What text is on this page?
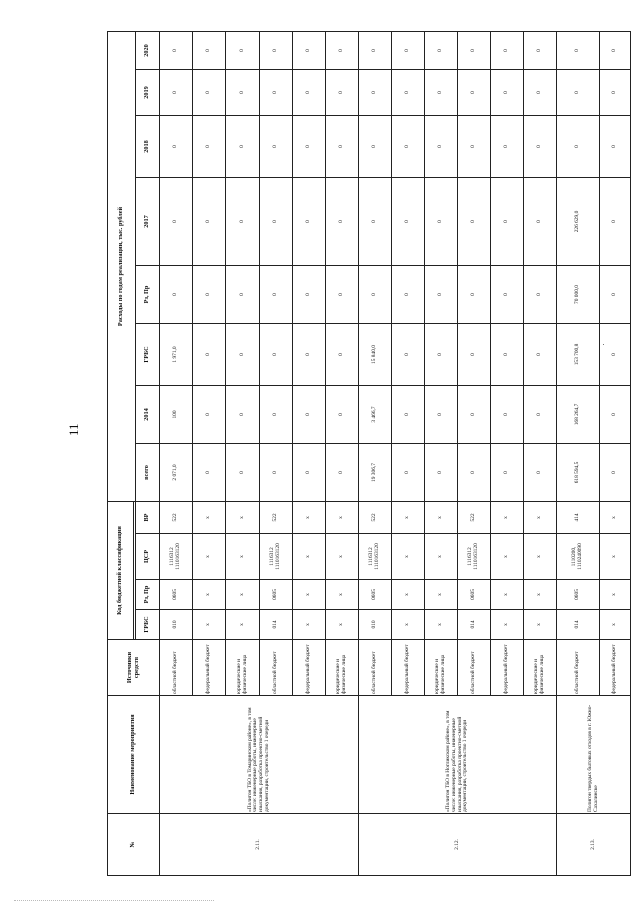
11
№	Наименование мероприятия	Источники средств	Код бюджетной классификации				Расходы по годам реализации, тыс. рублей							

			ГРБС	Рз, Пр	ЦСР	ВР	всего	2014	ГРБС	Рз, Пр	2017	2018	2019	2020
2.11.	«Полигон ТБО в Томаринском районе», в том числе: инженерные работы, инженерные изыскания, разработка проектно-сметной документации, строительство 1 очереди	областной бюджет	010	0605	1116312 1110163120	522	2 071,0	100	1 971,0	0	0	0	0	0
		федеральный бюджет	x	x	x	x	0	0	0	0	0	0	0	0
		юридические и физические лица	x	x	x	x	0	0	0	0	0	0	0	0
		областной бюджет	014	0605	1116312 1110163120	522	0	0	0	0	0	0	0	0
		федеральный бюджет	x	x	x	x	0	0	0	0	0	0	0	0
		юридические и физические лица	x	x	x	x	0	0	0	0	0	0	0	0
2.12.	«Полигон ТБО в Ногликском районе», в том числе: инженерные работы, инженерные изыскания, разработка проектно-сметной документации, строительство 1 очереди	областной бюджет	010	0605	1116312 1110163120	522	19 306,7	3 466,7	15 840,0	0	0	0	0	0
		федеральный бюджет	x	x	x	x	0	0	0	0	0	0	0	0
		юридические и физические лица	x	x	x	x	0	0	0	0	0	0	0	0
		областной бюджет	014	0605	1116312 1110163120	522	0	0	0	0	0	0	0	0
		федеральный бюджет	x	x	x	x	0	0	0	0	0	0	0	0
		юридические и физические лица	x	x	x	x	0	0	0	0	0	0	0	0
2.13.	Полигон твердых бытовых отходов в г. Южно-Сахалинске	областной бюджет	014	0605	1110200, 1110240090	414	618 594,5	168 264,7	153 700,8	70 000,0	226 629,0	0	0	0
		федеральный бюджет	x	x	x	x	0	0	0	0	0	0	0	0
